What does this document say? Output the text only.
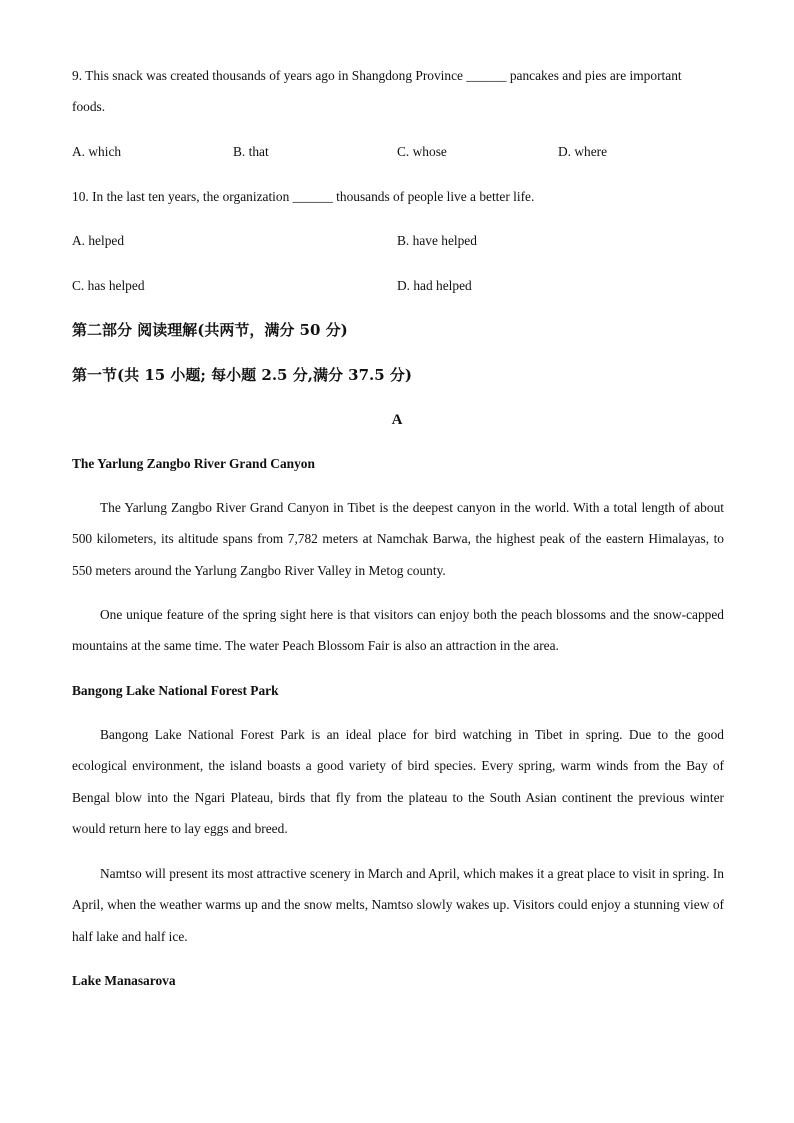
9. This snack was created thousands of years ago in Shangdong Province ______ pancakes and pies are important
foods.
A. which	B. that	C. whose	D. where
10. In the last ten years, the organization ______ thousands of people live a better life.
A. helped	B. have helped
C. has helped	D. had helped
第二部分 阅读理解(共两节，满分 50 分)
第一节(共 15 小题; 每小题 2.5 分,满分 37.5 分)
A
The Yarlung Zangbo River Grand Canyon
The Yarlung Zangbo River Grand Canyon in Tibet is the deepest canyon in the world. With a total length of about 500 kilometers, its altitude spans from 7,782 meters at Namchak Barwa, the highest peak of the eastern Himalayas, to 550 meters around the Yarlung Zangbo River Valley in Metog county.
One unique feature of the spring sight here is that visitors can enjoy both the peach blossoms and the snow-capped mountains at the same time. The water Peach Blossom Fair is also an attraction in the area.
Bangong Lake National Forest Park
Bangong Lake National Forest Park is an ideal place for bird watching in Tibet in spring. Due to the good ecological environment, the island boasts a good variety of bird species. Every spring, warm winds from the Bay of Bengal blow into the Ngari Plateau, birds that fly from the plateau to the South Asian continent the previous winter would return here to lay eggs and breed.
Namtso will present its most attractive scenery in March and April, which makes it a great place to visit in spring. In April, when the weather warms up and the snow melts, Namtso slowly wakes up. Visitors could enjoy a stunning view of half lake and half ice.
Lake Manasarova
